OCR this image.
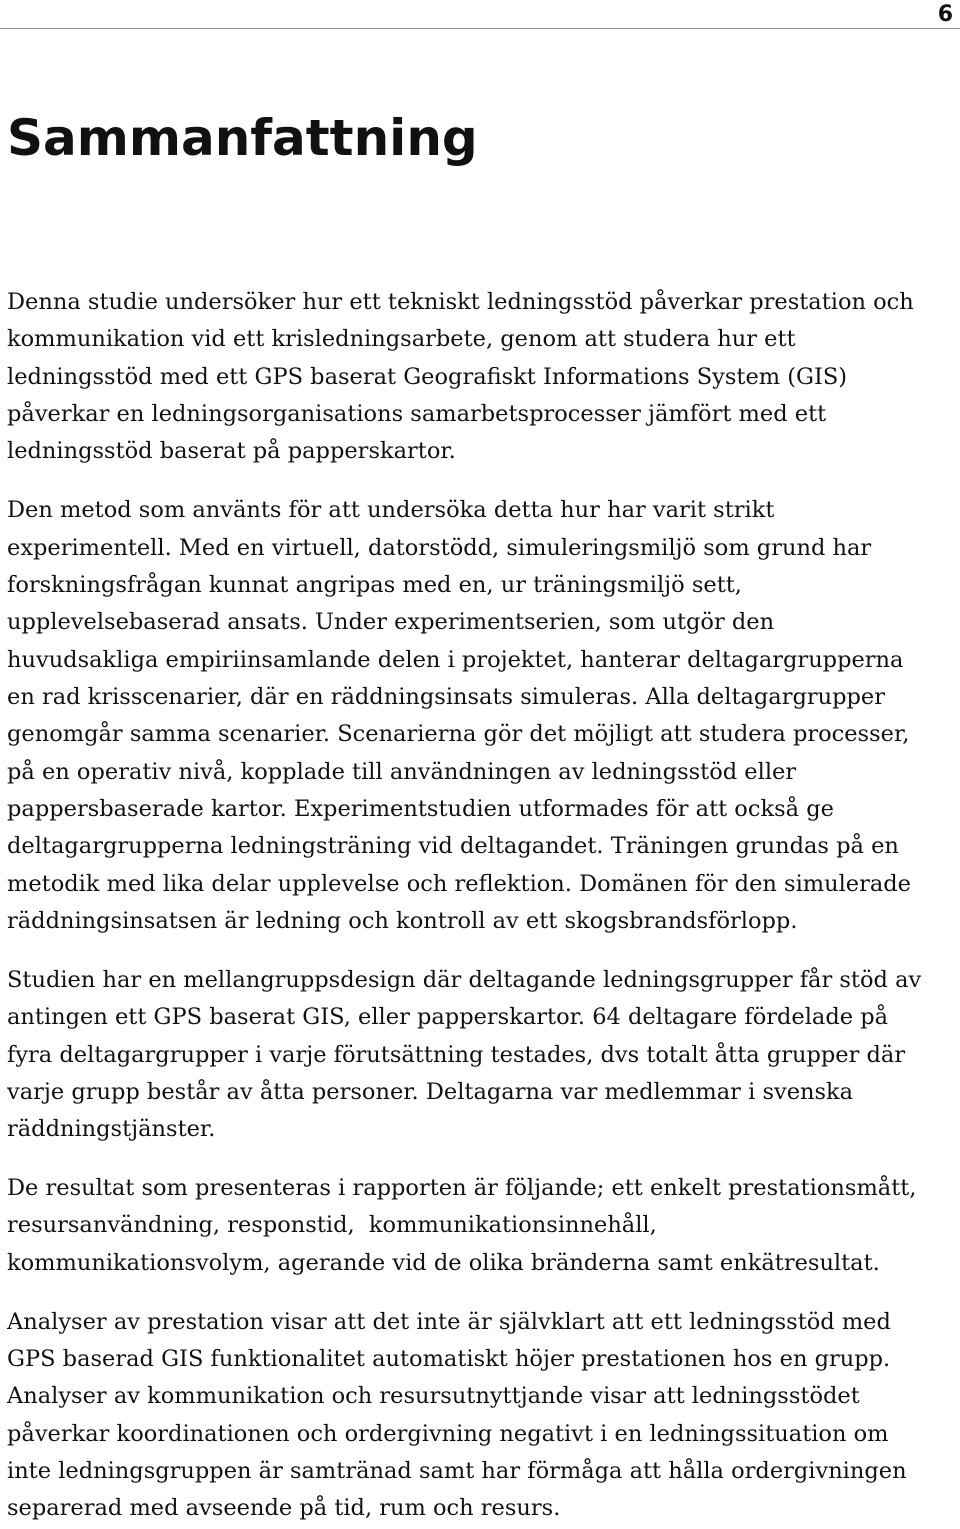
6
Sammanfattning
Denna studie undersöker hur ett tekniskt ledningsstöd påverkar prestation och
kommunikation vid ett krisledningsarbete, genom att studera hur ett
ledningsstöd med ett GPS baserat Geografiskt Informations System (GIS)
påverkar en ledningsorganisations samarbetsprocesser jämfört med ett
ledningsstöd baserat på papperskartor.
Den metod som använts för att undersöka detta hur har varit strikt
experimentell. Med en virtuell, datorstödd, simuleringsmiljö som grund har
forskningsfrågan kunnat angripas med en, ur träningsmiljö sett,
upplevelsebaserad ansats. Under experimentserien, som utgör den
huvudsakliga empiriinsamlande delen i projektet, hanterar deltagargrupperna
en rad krisscenarier, där en räddningsinsats simuleras. Alla deltagargrupper
genomgår samma scenarier. Scenarierna gör det möjligt att studera processer,
på en operativ nivå, kopplade till användningen av ledningsstöd eller
pappersbaserade kartor. Experimentstudien utformades för att också ge
deltagargrupperna ledningsträning vid deltagandet. Träningen grundas på en
metodik med lika delar upplevelse och reflektion. Domänen för den simulerade
räddningsinsatsen är ledning och kontroll av ett skogsbrandsförlopp.
Studien har en mellangruppsdesign där deltagande ledningsgrupper får stöd av
antingen ett GPS baserat GIS, eller papperskartor. 64 deltagare fördelade på
fyra deltagargrupper i varje förutsättning testades, dvs totalt åtta grupper där
varje grupp består av åtta personer. Deltagarna var medlemmar i svenska
räddningstjänster.
De resultat som presenteras i rapporten är följande; ett enkelt prestationsmått,
resursanvändning, responstid,  kommunikationsinnehåll,
kommunikationsvolym, agerande vid de olika bränderna samt enkätresultat.
Analyser av prestation visar att det inte är självklart att ett ledningsstöd med
GPS baserad GIS funktionalitet automatiskt höjer prestationen hos en grupp.
Analyser av kommunikation och resursutnyttjande visar att ledningsstödet
påverkar koordinationen och ordergivning negativt i en ledningssituation om
inte ledningsgruppen är samtränad samt har förmåga att hålla ordergivningen
separerad med avseende på tid, rum och resurs.
